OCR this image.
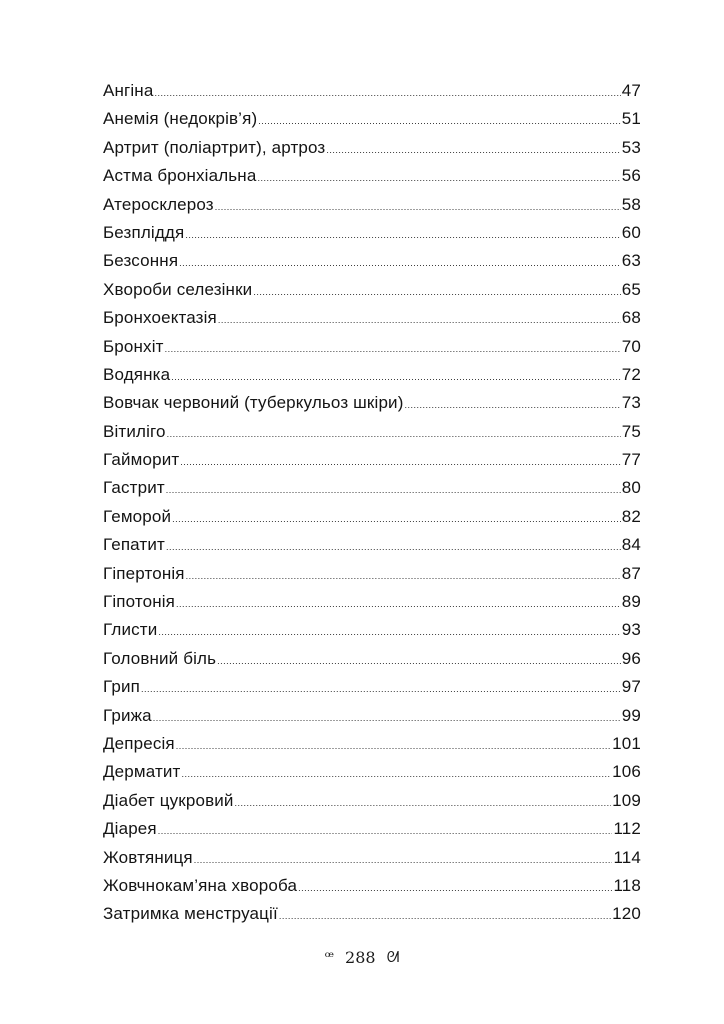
Ангіна .....	47
Анемія (недокрів’я) .....	51
Артрит (поліартрит), артроз .....	53
Астма бронхіальна .....	56
Атеросклероз .....	58
Безпліддя .....	60
Безсоння .....	63
Хвороби селезінки .....	65
Бронхоектазія .....	68
Бронхіт .....	70
Водянка .....	72
Вовчак червоний (туберкульоз шкіри) .....	73
Вітиліго .....	75
Гайморит .....	77
Гастрит .....	80
Геморой .....	82
Гепатит .....	84
Гіпертонія .....	87
Гіпотонія .....	89
Глисти .....	93
Головний біль .....	96
Грип .....	97
Грижа .....	99
Депресія .....	101
Дерматит .....	106
Діабет цукровий .....	109
Діарея .....	112
Жовтяниця .....	114
Жовчнокам’яна хвороба .....	118
Затримка менструації .....	120
ꟹ 288 ᘛ
